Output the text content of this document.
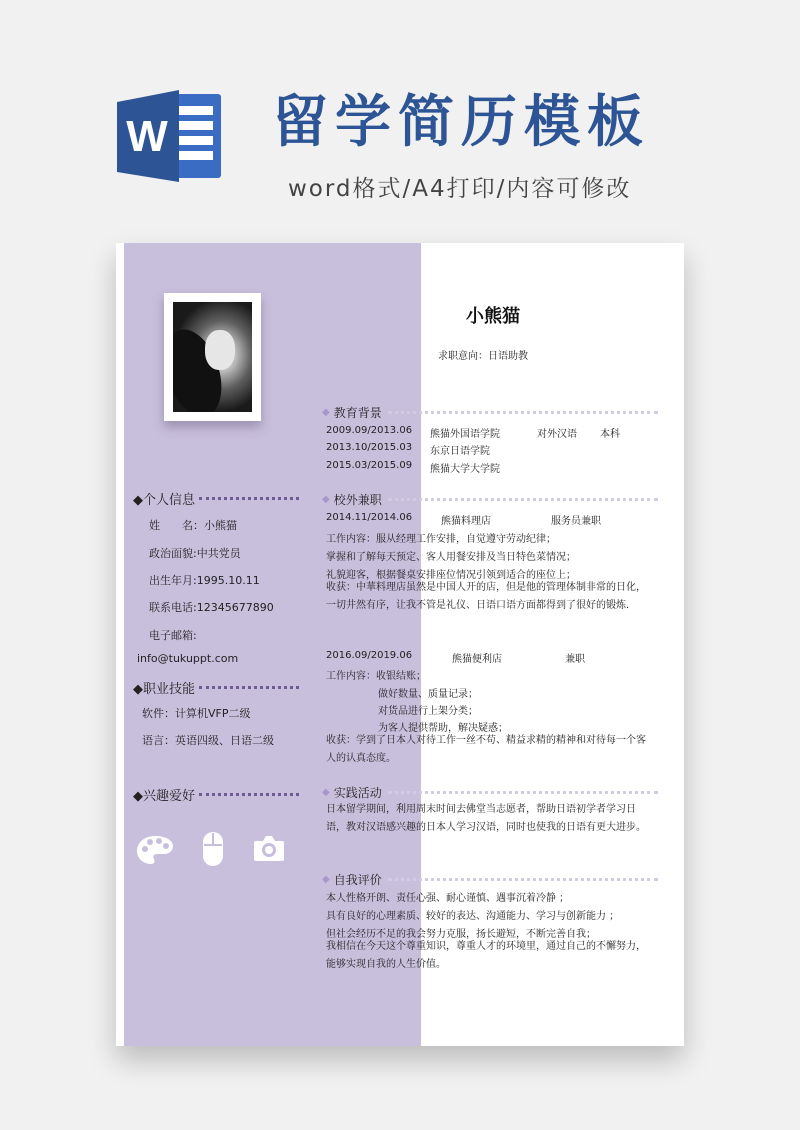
W 留学简历模板
word格式/A4打印/内容可修改
◆个人信息
姓　　名：小熊猫
政治面貌:中共党员
出生年月:1995.10.11
联系电话:12345677890
电子邮箱:
info@tukuppt.com
◆职业技能
软件：计算机VFP二级
语言：英语四级、日语二级
◆兴趣爱好
小熊猫
求职意向：日语助教
◆ 教育背景
2009.09/2013.06 熊猫外国语学院	对外汉语 本科
2013.10/2015.03 东京日语学院
2015.03/2015.09 熊猫大学大学院
◆ 校外兼职
2014.11/2014.06	熊猫料理店	服务员兼职
工作内容：服从经理工作安排，自觉遵守劳动纪律；
掌握和了解每天预定、客人用餐安排及当日特色菜情况；
礼貌迎客，根据餐桌安排座位情况引领到适合的座位上；
收获：中華料理店虽然是中国人开的店，但是他的管理体制非常的日化，一切井然有序，让我不管是礼仪、日语口语方面都得到了很好的锻炼.
2016.09/2019.06	熊猫便利店	兼职
工作内容：收银结账；
做好数量、质量记录；
对货品进行上架分类；
为客人提供帮助，解决疑惑；
收获：学到了日本人对待工作一丝不苟、精益求精的精神和对待每一个客人的认真态度。
◆ 实践活动
日本留学期间，利用周末时间去佛堂当志愿者，帮助日语初学者学习日语，教对汉语感兴趣的日本人学习汉语，同时也使我的日语有更大进步。
◆ 自我评价
本人性格开朗、责任心强、耐心谨慎、遇事沉着冷静 ；
具有良好的心理素质、较好的表达、沟通能力、学习与创新能力 ；
但社会经历不足的我会努力克服，扬长避短，不断完善自我；
我相信在今天这个尊重知识，尊重人才的环境里，通过自己的不懈努力，能够实现自我的人生价值。
